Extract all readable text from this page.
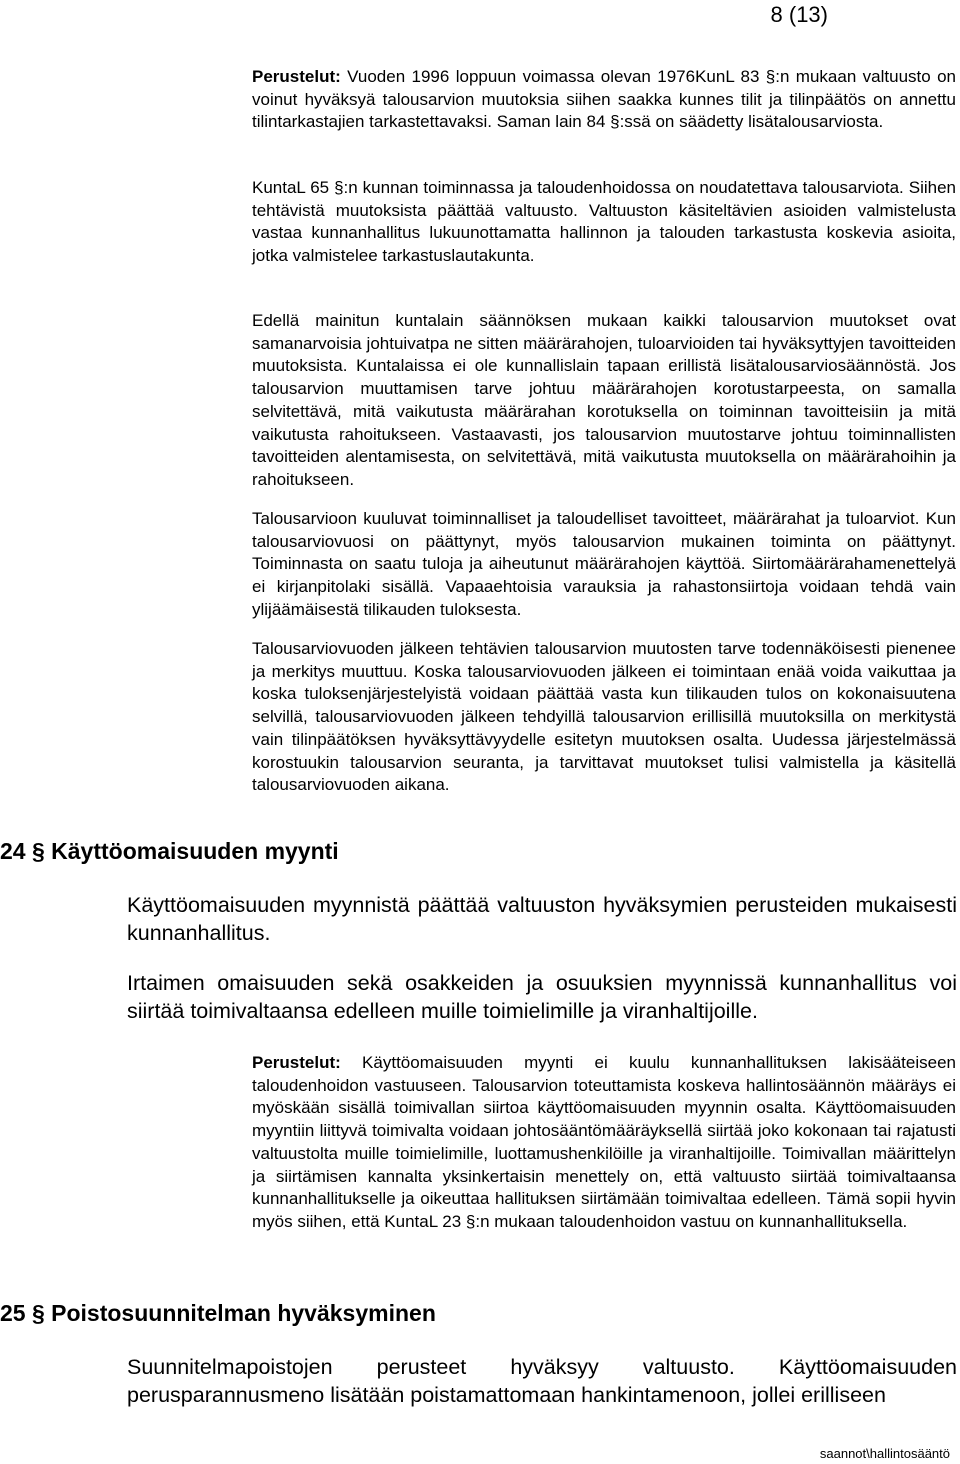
8 (13)
Perustelut: Vuoden 1996 loppuun voimassa olevan 1976KunL 83 §:n mukaan valtuusto on voinut hyväksyä talousarvion muutoksia siihen saakka kunnes tilit ja tilinpäätös on annettu tilintarkastajien tarkastettavaksi. Saman lain 84 §:ssä on säädetty lisätalousarviosta.
KuntaL 65 §:n kunnan toiminnassa ja taloudenhoidossa on noudatettava talousarviota. Siihen tehtävistä muutoksista päättää valtuusto. Valtuuston käsiteltävien asioiden valmistelusta vastaa kunnanhallitus lukuunottamatta hallinnon ja talouden tarkastusta koskevia asioita, jotka valmistelee tarkastuslautakunta.
Edellä mainitun kuntalain säännöksen mukaan kaikki talousarvion muutokset ovat samanarvoisia johtuivatpa ne sitten määrärahojen, tuloarvioiden tai hyväksyttyjen tavoitteiden muutoksista. Kuntalaissa ei ole kunnallislain tapaan erillistä lisätalousarviosäännöstä. Jos talousarvion muuttamisen tarve johtuu määrärahojen korotustarpeesta, on samalla selvitettävä, mitä vaikutusta määrärahan korotuksella on toiminnan tavoitteisiin ja mitä vaikutusta rahoitukseen. Vastaavasti, jos talousarvion muutostarve johtuu toiminnallisten tavoitteiden alentamisesta, on selvitettävä, mitä vaikutusta muutoksella on määrärahoihin ja rahoitukseen.
Talousarvioon kuuluvat toiminnalliset ja taloudelliset tavoitteet, määrärahat ja tuloarviot. Kun talousarviovuosi on päättynyt, myös talousarvion mukainen toiminta on päättynyt. Toiminnasta on saatu tuloja ja aiheutunut määrärahojen käyttöä. Siirtomäärärahamenettelyä ei kirjanpitolaki sisällä. Vapaaehtoisia varauksia ja rahastonsiirtoja voidaan tehdä vain ylijäämäisestä tilikauden tuloksesta.
Talousarviovuoden jälkeen tehtävien talousarvion muutosten tarve todennäköisesti pienenee ja merkitys muuttuu. Koska talousarviovuoden jälkeen ei toimintaan enää voida vaikuttaa ja koska tuloksenjärjestelyistä voidaan päättää vasta kun tilikauden tulos on kokonaisuutena selvillä, talousarviovuoden jälkeen tehdyillä talousarvion erillisillä muutoksilla on merkitystä vain tilinpäätöksen hyväksyttävyydelle esitetyn muutoksen osalta. Uudessa järjestelmässä korostuukin talousarvion seuranta, ja tarvittavat muutokset tulisi valmistella ja käsitellä talousarviovuoden aikana.
24 § Käyttöomaisuuden myynti
Käyttöomaisuuden myynnistä päättää valtuuston hyväksymien perusteiden mukaisesti kunnanhallitus.
Irtaimen omaisuuden sekä osakkeiden ja osuuksien myynnissä kunnanhallitus voi siirtää toimivaltaansa edelleen muille toimielimille ja viranhaltijoille.
Perustelut: Käyttöomaisuuden myynti ei kuulu kunnanhallituksen lakisääteiseen taloudenhoidon vastuuseen. Talousarvion toteuttamista koskeva hallintosäännön määräys ei myöskään sisällä toimivallan siirtoa käyttöomaisuuden myynnin osalta. Käyttöomaisuuden myyntiin liittyvä toimivalta voidaan johtosääntömääräyksellä siirtää joko kokonaan tai rajatusti valtuustolta muille toimielimille, luottamushenkilöille ja viranhaltijoille. Toimivallan määrittelyn ja siirtämisen kannalta yksinkertaisin menettely on, että valtuusto siirtää toimivaltaansa kunnanhallitukselle ja oikeuttaa hallituksen siirtämään toimivaltaa edelleen. Tämä sopii hyvin myös siihen, että KuntaL 23 §:n mukaan taloudenhoidon vastuu on kunnanhallituksella.
25 § Poistosuunnitelman hyväksyminen
Suunnitelmapoistojen perusteet hyväksyy valtuusto. Käyttöomaisuuden perusparannusmeno lisätään poistamattomaan hankintamenoon, jollei erilliseen
saannot\hallintosääntö
